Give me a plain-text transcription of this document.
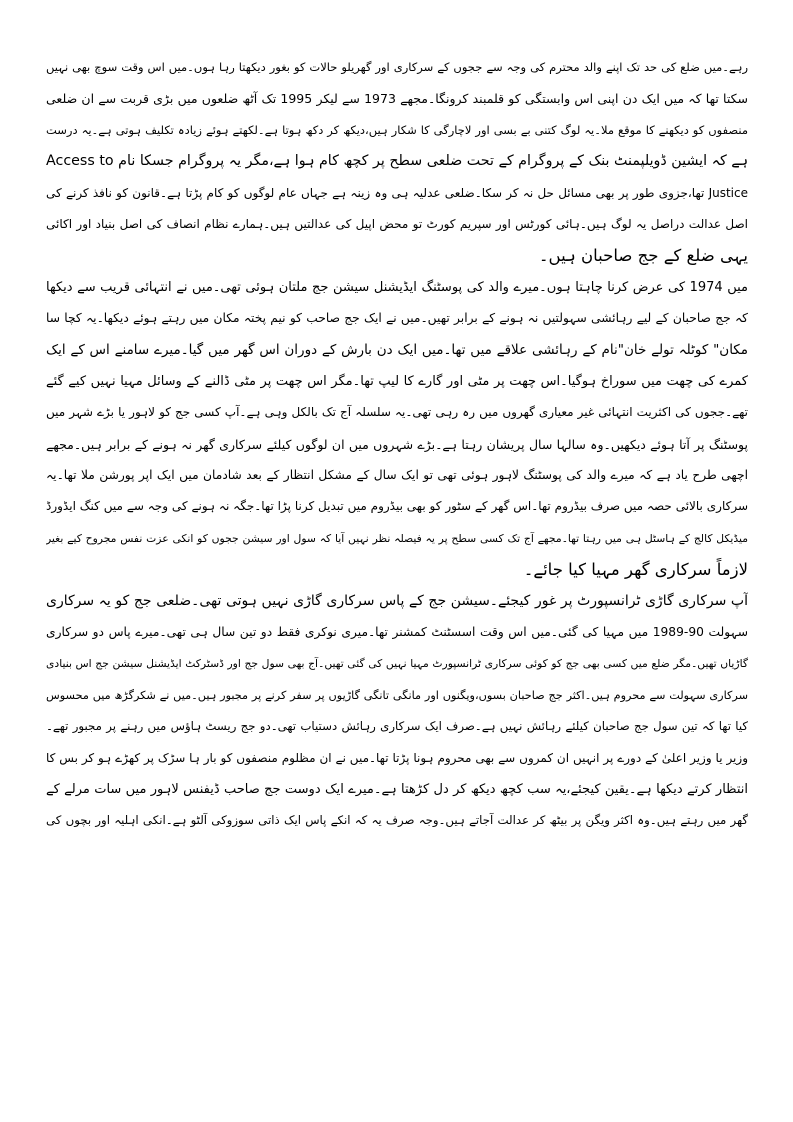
رہے۔میں ضلع کی حد تک اپنے والد محترم کی وجہ سے ججوں کے سرکاری اور گھریلو حالات کو بغور دیکھتا رہا ہوں۔میں اس وقت سوچ بھی نہیں
سکتا تھا کہ میں ایک دن اپنی اس وابستگی کو قلمبند کرونگا۔مجھے 1973 سے لیکر 1995 تک آٹھ ضلعوں میں بڑی قربت سے ان ضلعی
منصفوں کو دیکھنے کا موقع ملا۔یہ لوگ کتنی بے بسی اور لاچارگی کا شکار ہیں،دیکھ کر دکھ ہوتا ہے۔لکھتے ہوئے زیادہ تکلیف ہوتی ہے۔یہ درست
ہے کہ ایشین ڈویلپمنٹ بنک کے پروگرام کے تحت ضلعی سطح پر کچھ کام ہوا ہے،مگر یہ پروگرام جسکا نام Access to
Justice تھا،جزوی طور پر بھی مسائل حل نہ کر سکا۔ضلعی عدلیہ ہی وہ زینہ ہے جہاں عام لوگوں کو کام پڑتا ہے۔قانون کو نافذ کرنے کی
اصل عدالت دراصل یہ لوگ ہیں۔ہائی کورٹس اور سپریم کورٹ تو محض اپیل کی عدالتیں ہیں۔ہمارے نظام انصاف کی اصل بنیاد اور اکائی
یہی ضلع کے جج صاحبان ہیں۔
میں 1974 کی عرض کرنا چاہتا ہوں۔میرے والد کی پوسٹنگ ایڈیشنل سیشن جج ملتان ہوئی تھی۔میں نے انتہائی قریب سے دیکھا
کہ جج صاحبان کے لیے رہائشی سہولتیں نہ ہونے کے برابر تھیں۔میں نے ایک جج صاحب کو نیم پختہ مکان میں رہتے ہوئے دیکھا۔یہ کچا سا
مکان" کوٹلہ تولے خان"نام کے رہائشی علاقے میں تھا۔میں ایک دن بارش کے دوران اس گھر میں گیا۔میرے سامنے اس کے ایک
کمرے کی چھت میں سوراخ ہوگیا۔اس چھت پر مٹی اور گارے کا لیپ تھا۔مگر اس چھت پر مٹی ڈالنے کے وسائل مہیا نہیں کیے گئے
تھے۔ججوں کی اکثریت انتہائی غیر معیاری گھروں میں رہ رہی تھی۔یہ سلسلہ آج تک بالکل وہی ہے۔آپ کسی جج کو لاہور یا بڑے شہر میں
پوسٹنگ پر آتا ہوئے دیکھیں۔وہ سالہا سال پریشان رہتا ہے۔بڑے شہروں میں ان لوگوں کیلئے سرکاری گھر نہ ہونے کے برابر ہیں۔مجھے
اچھی طرح یاد ہے کہ میرے والد کی پوسٹنگ لاہور ہوئی تھی تو ایک سال کے مشکل انتظار کے بعد شادمان میں ایک اپر پورشن ملا تھا۔یہ
سرکاری بالائی حصہ میں صرف بیڈروم تھا۔اس گھر کے سٹور کو بھی بیڈروم میں تبدیل کرنا پڑا تھا۔جگہ نہ ہونے کی وجہ سے میں کنگ ایڈورڈ
میڈیکل کالج کے ہاسٹل ہی میں رہتا تھا۔مجھے آج تک کسی سطح پر یہ فیصلہ نظر نہیں آیا کہ سول اور سیشن ججوں کو انکی عزت نفس مجروح کیے بغیر
لازماً سرکاری گھر مہیا کیا جائے۔
آپ سرکاری گاڑی ٹرانسپورٹ پر غور کیجئے۔سیشن جج کے پاس سرکاری گاڑی نہیں ہوتی تھی۔ضلعی جج کو یہ سرکاری
سہولت 90-1989 میں مہیا کی گئی۔میں اس وقت اسسٹنٹ کمشنر تھا۔میری نوکری فقط دو تین سال ہی تھی۔میرے پاس دو سرکاری
گاڑیاں تھیں۔مگر ضلع میں کسی بھی جج کو کوئی سرکاری ٹرانسپورٹ مہیا نہیں کی گئی تھیں۔آج بھی سول جج اور ڈسٹرکٹ ایڈیشنل سیشن جج اس بنیادی
سرکاری سہولت سے محروم ہیں۔اکثر جج صاحبان بسوں،ویگنوں اور مانگی تانگی گاڑیوں پر سفر کرنے پر مجبور ہیں۔میں نے شکرگڑھ میں محسوس
کیا تھا کہ تین سول جج صاحبان کیلئے رہائش نہیں ہے۔صرف ایک سرکاری رہائش دستیاب تھی۔دو جج ریسٹ ہاؤس میں رہنے پر مجبور تھے۔
وزیر یا وزیر اعلیٰ کے دورے پر انہیں ان کمروں سے بھی محروم ہونا پڑتا تھا۔میں نے ان مظلوم منصفوں کو بار ہا سڑک پر کھڑے ہو کر بس کا
انتظار کرتے دیکھا ہے۔یقین کیجئے،یہ سب کچھ دیکھ کر دل کڑھتا ہے۔میرے ایک دوست جج صاحب ڈیفنس لاہور میں سات مرلے کے
گھر میں رہتے ہیں۔وہ اکثر ویگن پر بیٹھ کر عدالت آجاتے ہیں۔وجہ صرف یہ کہ انکے پاس ایک ذاتی سوزوکی آلٹو ہے۔انکی اہلیہ اور بچوں کی
